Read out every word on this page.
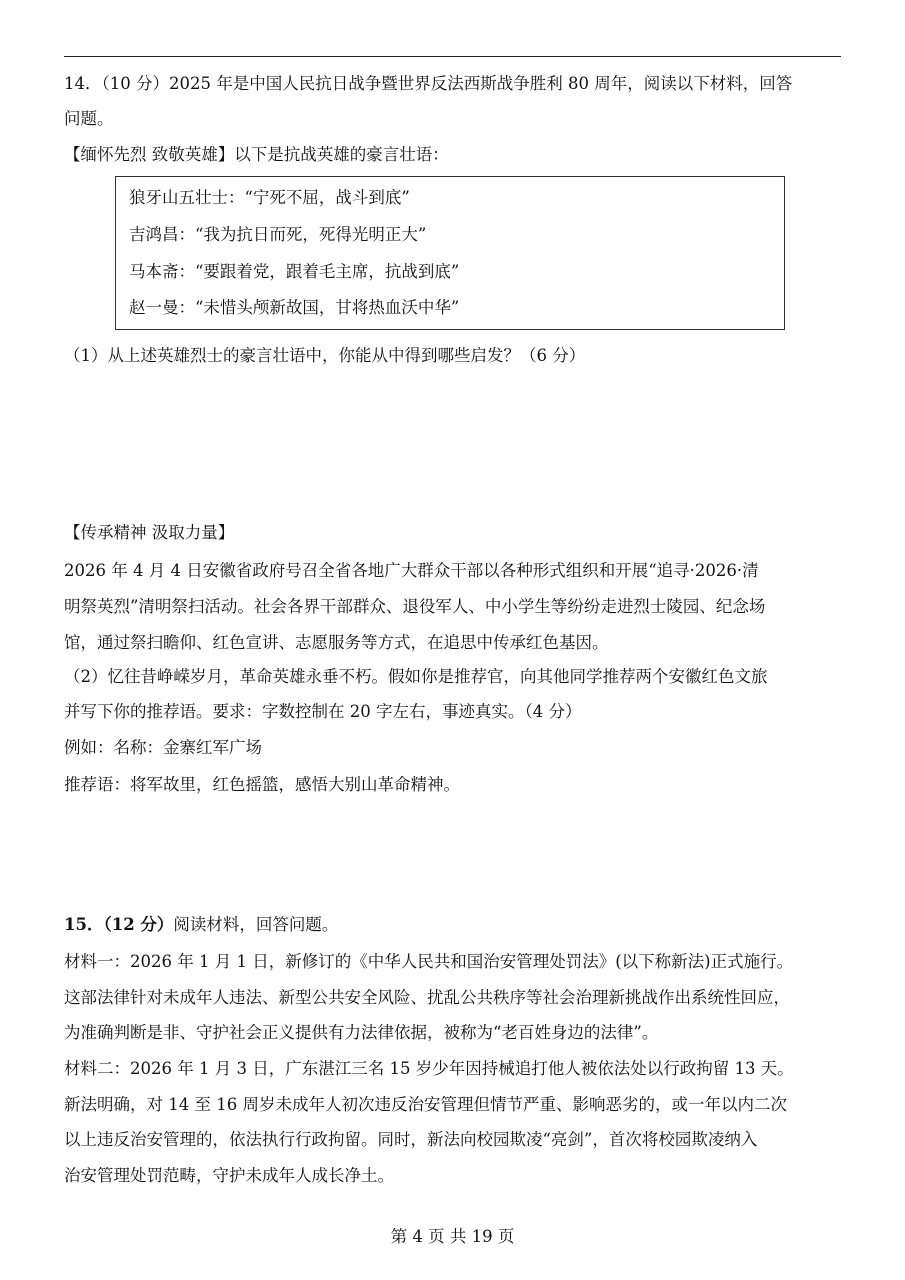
14．（10 分）2025 年是中国人民抗日战争暨世界反法西斯战争胜利 80 周年，阅读以下材料，回答
问题。
【缅怀先烈 致敬英雄】以下是抗战英雄的豪言壮语：
狼牙山五壮士：“宁死不屈，战斗到底”
吉鸿昌：“我为抗日而死，死得光明正大”
马本斋：“要跟着党，跟着毛主席，抗战到底”
赵一曼：“未惜头颅新故国，甘将热血沃中华”
（1）从上述英雄烈士的豪言壮语中，你能从中得到哪些启发？（6 分）
【传承精神 汲取力量】
2026 年 4 月 4 日安徽省政府号召全省各地广大群众干部以各种形式组织和开展“追寻·2026·清
明祭英烈”清明祭扫活动。社会各界干部群众、退役军人、中小学生等纷纷走进烈士陵园、纪念场
馆，通过祭扫瞻仰、红色宣讲、志愿服务等方式，在追思中传承红色基因。
（2）忆往昔峥嵘岁月，革命英雄永垂不朽。假如你是推荐官，向其他同学推荐两个安徽红色文旅
并写下你的推荐语。要求：字数控制在 20 字左右，事迹真实。（4 分）
例如：名称：金寨红军广场
推荐语：将军故里，红色摇篮，感悟大别山革命精神。
15．（12 分）阅读材料，回答问题。
材料一：2026 年 1 月 1 日，新修订的《中华人民共和国治安管理处罚法》(以下称新法)正式施行。
这部法律针对未成年人违法、新型公共安全风险、扰乱公共秩序等社会治理新挑战作出系统性回应，
为准确判断是非、守护社会正义提供有力法律依据，被称为“老百姓身边的法律”。
材料二：2026 年 1 月 3 日，广东湛江三名 15 岁少年因持械追打他人被依法处以行政拘留 13 天。
新法明确，对 14 至 16 周岁未成年人初次违反治安管理但情节严重、影响恶劣的，或一年以内二次
以上违反治安管理的，依法执行行政拘留。同时，新法向校园欺凌“亮剑”，首次将校园欺凌纳入
治安管理处罚范畴，守护未成年人成长净土。
第 4 页 共 19 页
